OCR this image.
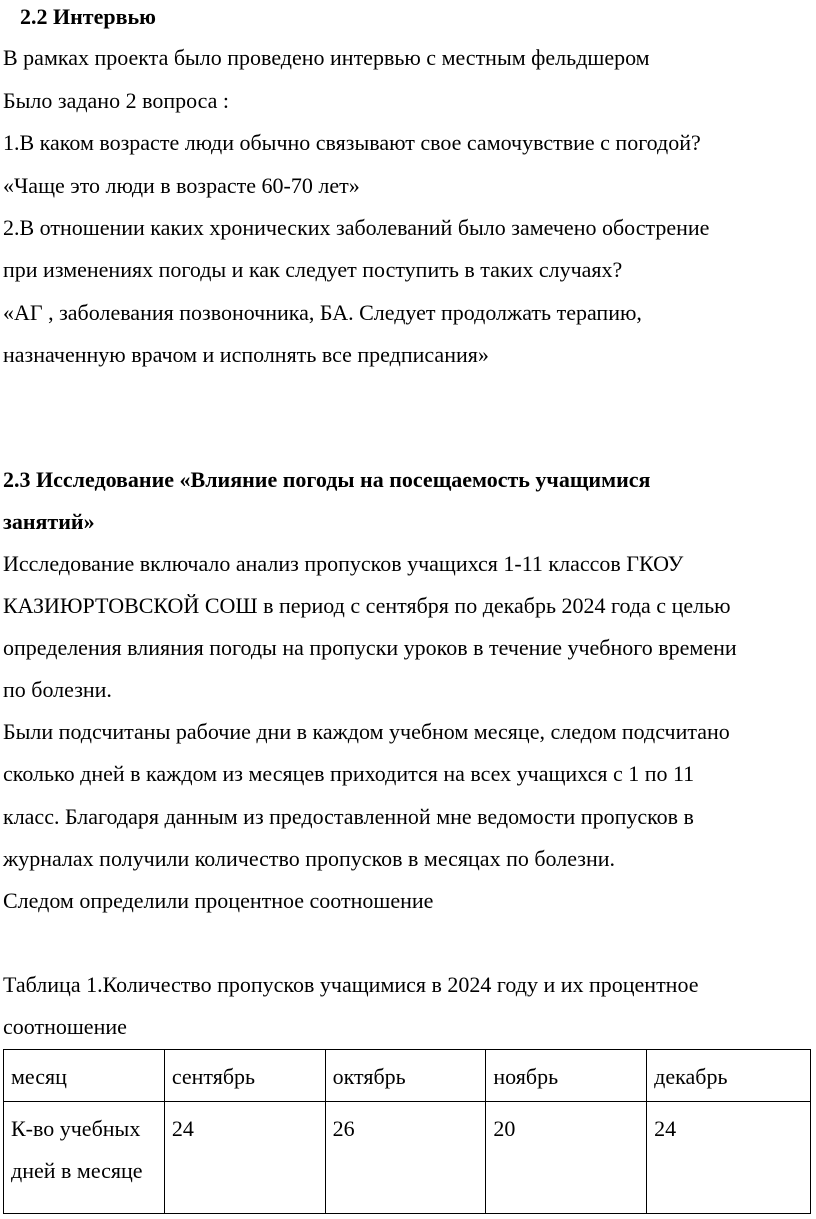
2.2 Интервью
В рамках проекта было проведено интервью с местным фельдшером
Было задано 2 вопроса :
1.В каком возрасте люди обычно связывают свое самочувствие с погодой?
«Чаще это люди в возрасте 60-70 лет»
2.В отношении каких хронических заболеваний было замечено обострение
при изменениях погоды и как следует поступить в таких случаях?
«АГ , заболевания позвоночника, БА. Следует продолжать терапию,
назначенную врачом и исполнять все предписания»
2.3 Исследование «Влияние погоды на посещаемость учащимися
занятий»
Исследование включало анализ пропусков учащихся 1-11 классов ГКОУ
КАЗИЮРТОВСКОЙ СОШ в период с сентября по декабрь 2024 года с целью
определения влияния погоды на пропуски уроков в течение учебного времени
по болезни.
Были подсчитаны рабочие дни в каждом учебном месяце, следом подсчитано
сколько дней в каждом из месяцев приходится на всех учащихся с 1 по 11
класс. Благодаря данным из предоставленной мне ведомости пропусков в
журналах получили количество пропусков в месяцах по болезни.
Следом определили процентное соотношение
Таблица 1.Количество пропусков учащимися в 2024 году и их процентное
соотношение
месяц	сентябрь	октябрь	ноябрь	декабрь
К-во учебных
дней в месяце	24	26	20	24
